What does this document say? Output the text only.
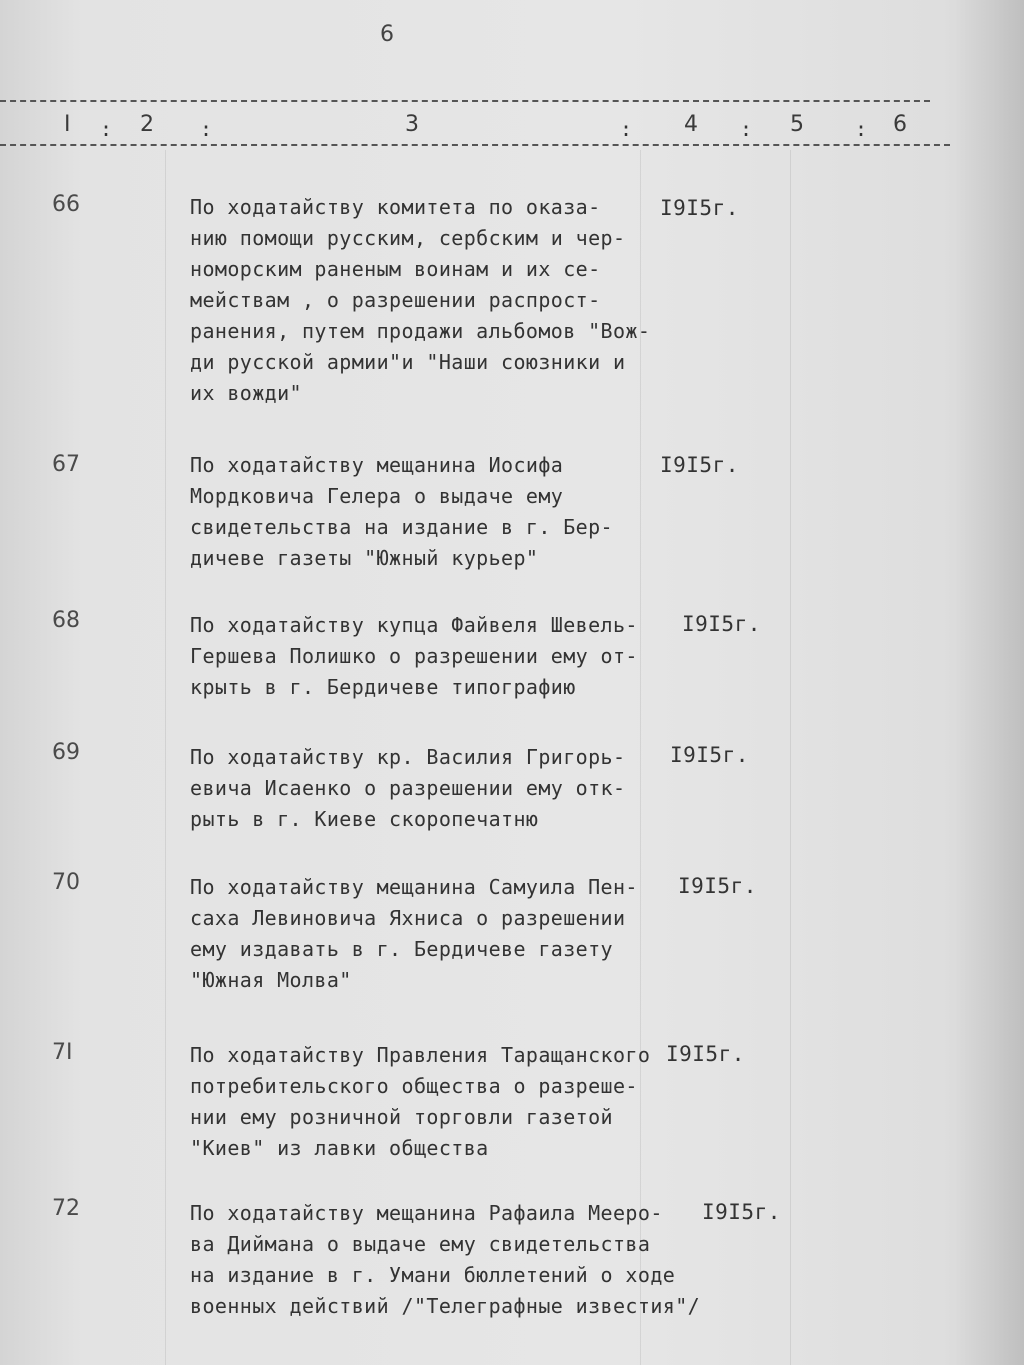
6
I : 2 :	3	: 4 : 5	: 6
66	По ходатайству комитета по оказа-
нию помощи русским, сербским и чер-
номорским раненым воинам и их се-
мействам , о разрешении распрост-
ранения, путем продажи альбомов "Вож-
ди русской армии"и "Наши союзники и
их вожди"
I9I5г.
67	По ходатайству мещанина Иосифа
Мордковича Гелера о выдаче ему
свидетельства на издание в г. Бер-
дичеве газеты "Южный курьер"
I9I5г.
68	По ходатайству купца Файвеля Шевель-
Гершева Полишко о разрешении ему от-
крыть в г. Бердичеве типографию
I9I5г.
69	По ходатайству кр. Василия Григорь-
евича Исаенко о разрешении ему отк-
рыть в г. Киеве скоропечатню
I9I5г.
70	По ходатайству мещанина Самуила Пен-
саха Левиновича Яхниса о разрешении
ему издавать в г. Бердичеве газету
"Южная Молва"
I9I5г.
7I	По ходатайству Правления Таращанского
потребительского общества о разреше-
нии ему розничной торговли газетой
"Киев" из лавки общества
I9I5г.
72	По ходатайству мещанина Рафаила Мееро-
ва Диймана о выдаче ему свидетельства
на издание в г. Умани бюллетений о ходе
военных действий /"Телеграфные известия"/
I9I5г.
